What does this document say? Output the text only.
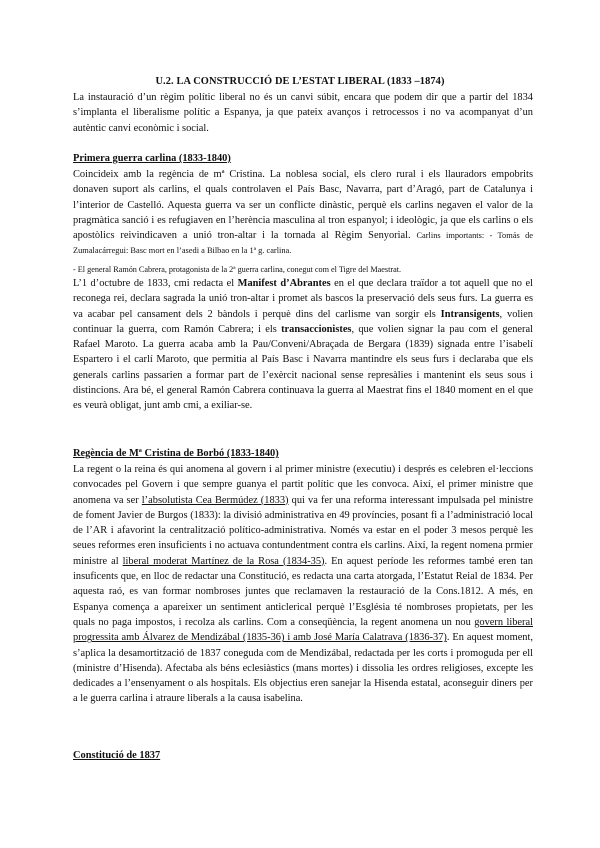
U.2. LA CONSTRUCCIÓ DE L’ESTAT LIBERAL (1833 –1874)

La instauració d’un règim polític liberal no és un canvi súbit, encara que podem dir que a partir del 1834 s’implanta el liberalisme polític a Espanya, ja que pateix avanços i retrocessos i no va acompanyat d’un autèntic canvi econòmic i social.

Primera guerra carlina (1833-1840)

Coincideix amb la regència de mª Cristina. La noblesa social, els clero rural i els llauradors empobrits donaven suport als carlins, el quals controlaven el País Basc, Navarra, part d’Aragó, part de Catalunya i l’interior de Castelló. Aquesta guerra va ser un conflicte dinàstic, perquè els carlins negaven el valor de la pragmàtica sanció i es refugiaven en l’herència masculina al tron espanyol; i ideològic, ja que els carlins o els apostòlics reivindicaven a unió tron-altar i la tornada al Règim Senyorial. Carlins importants: - Tomás de Zumalacárregui: Basc mort en l’asedi a Bilbao en la 1ª g. carlina.

- El general Ramón Cabrera, protagonista de la 2ª guerra carlina, conegut com el Tigre del Maestrat.

L’1 d’octubre de 1833, cmi redacta el Manifest d’Abrantes en el que declara traïdor a tot aquell que no el reconega rei, declara sagrada la unió tron-altar i promet als bascos la preservació dels seus furs. La guerra es va acabar pel cansament dels 2 bàndols i perquè dins del carlisme van sorgir els Intransigents, volien continuar la guerra, com Ramón Cabrera; i els transaccionistes, que volien signar la pau com el general Rafael Maroto. La guerra acaba amb la Pau/Conveni/Abraçada de Bergara (1839) signada entre l’isabelí Espartero i el carlí Maroto, que permitia al País Basc i Navarra mantindre els seus furs i declaraba que els generals carlins passarien a formar part de l’exèrcit nacional sense represàlies i mantenint els seus sous i distincions. Ara bé, el general Ramón Cabrera continuava la guerra al Maestrat fins el 1840 moment en el que es veurà obligat, junt amb cmi, a exiliar-se.

Regència de Mª Cristina de Borbó (1833-1840)

La regent o la reina és qui anomena al govern i al primer ministre (executiu) i després es celebren el·leccions convocades pel Govern i que sempre guanya el partit polític que les convoca. Així, el primer ministre que anomena va ser l’absolutista Cea Bermúdez (1833) qui va fer una reforma interessant impulsada pel ministre de foment Javier de Burgos (1833): la divisió administrativa en 49 províncies, posant fi a l’administració local de l’AR i afavorint la centralització político-administrativa. Només va estar en el poder 3 mesos perquè les seues reformes eren insuficients i no actuava contundentment contra els carlins. Així, la regent nomena prmier ministre al liberal moderat Martínez de la Rosa (1834-35). En aquest període les reformes també eren tan insuficents que, en lloc de redactar una Constitució, es redacta una carta atorgada, l’Estatut Reial de 1834. Per aquesta raó, es van formar nombroses juntes que reclamaven la restauració de la Cons.1812. A més, en Espanya comença a apareixer un sentiment anticlerical perquè l’Església té nombroses propietats, per les quals no paga impostos, i recolza als carlins. Com a conseqüència, la regent anomena un nou govern liberal progressita amb Álvarez de Mendizábal (1835-36) i amb José María Calatrava (1836-37). En aquest moment, s’aplica la desamortització de 1837 coneguda com de Mendizábal, redactada per les corts i promoguda per ell (ministre d’Hisenda). Afectaba als béns eclesiàstics (mans mortes) i dissolia les ordres religioses, excepte les dedicades a l’ensenyament o als hospitals. Els objectius eren sanejar la Hisenda estatal, aconseguir diners per a le guerra carlina i atraure liberals a la causa isabelina.

Constitució de 1837
